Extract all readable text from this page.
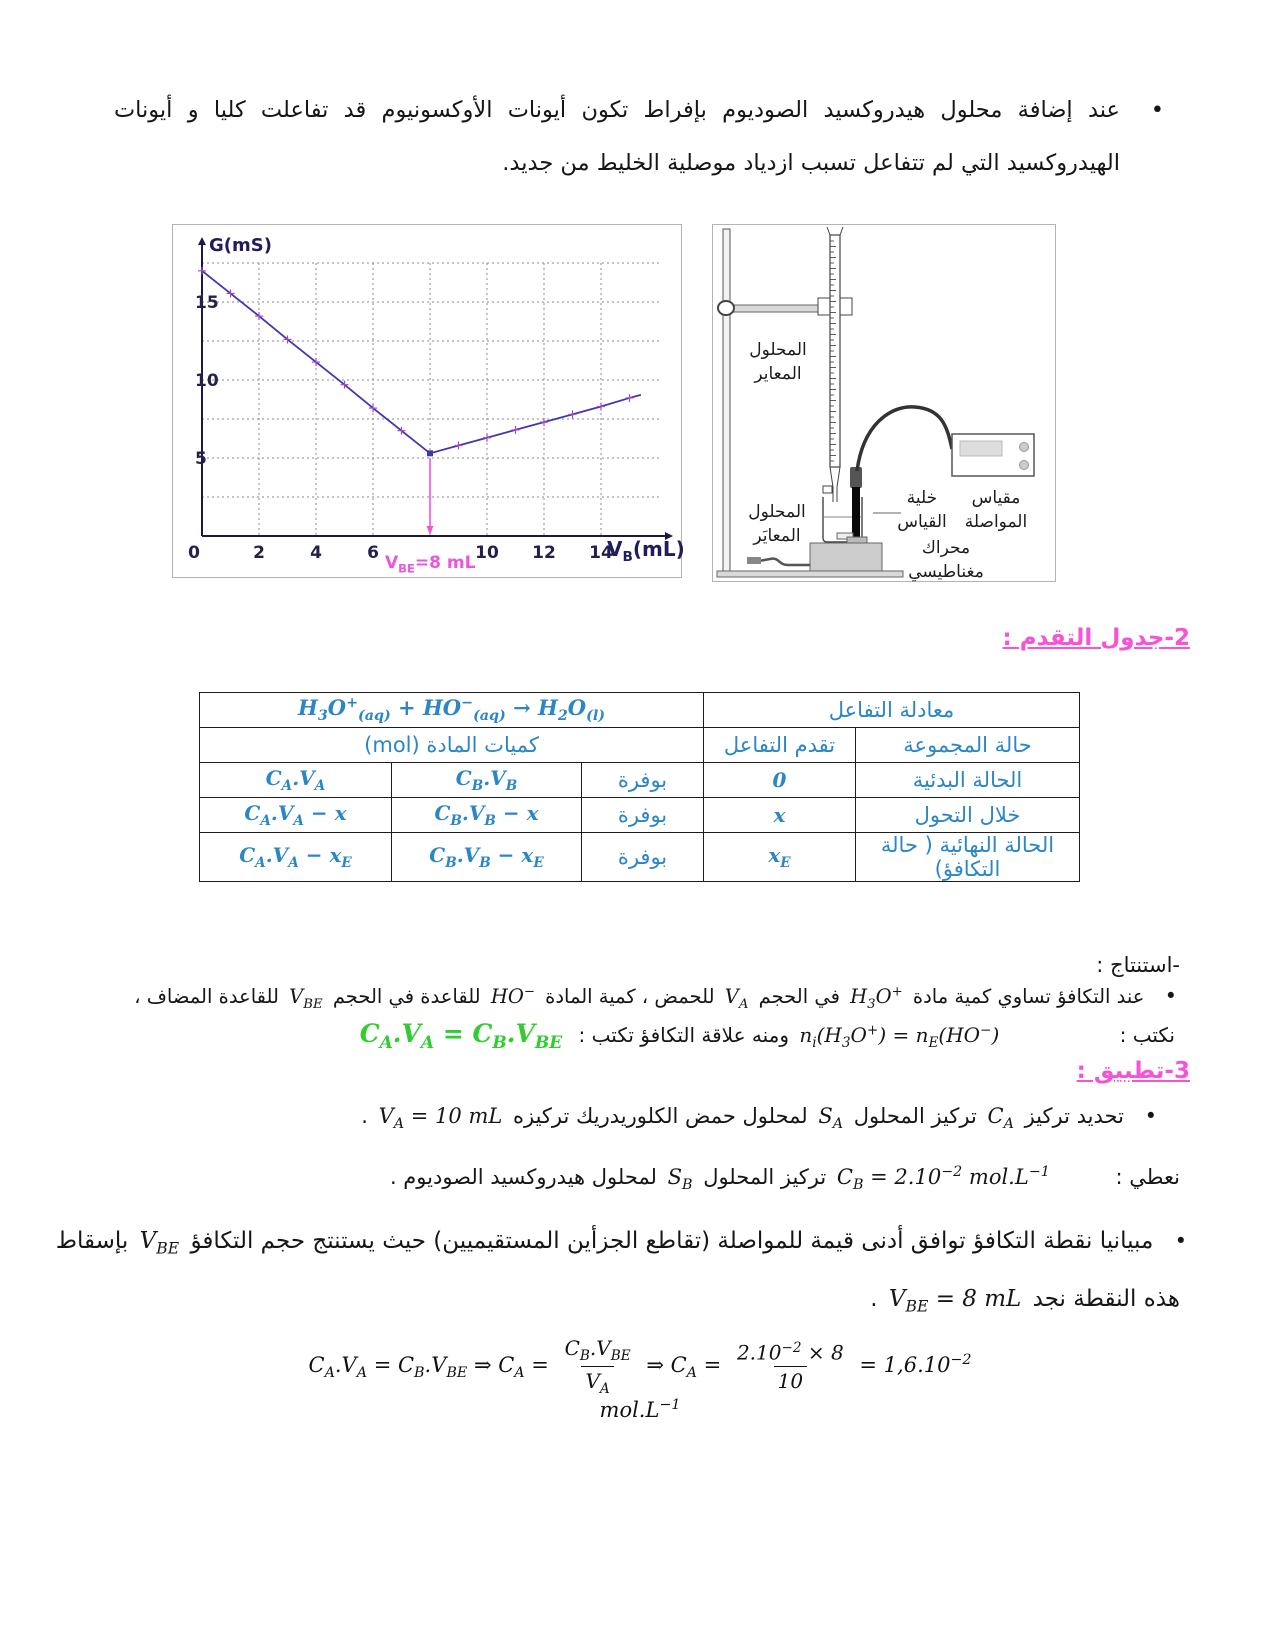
•
عند إضافة محلول هيدروكسيد الصوديوم بإفراط تكون أيونات الأوكسونيوم قد تفاعلت كليا و أيونات الهيدروكسيد التي لم تتفاعل تسبب ازدياد موصلية الخليط من جديد.
0	2	4	6	10 12 14
5
10
15
G(mS)
$V_B(mL)$
$V_{BE}=8$ mL
المحلول
المعاير
المحلول
المعايَر
خلية
القياس
مقياس
المواصلة
محراك
مغناطيسي
2-جدول التقدم :
معادلة التفاعل		$H_3O^+_{(aq)} + HO^-_{(aq)} \to H_2O_{(l)}$
حالة المجموعة	تقدم التفاعل	كميات المادة (mol)		
الحالة البدئية	0	بوفرة	$C_B.V_B$	$C_A.V_A$
خلال التحول	x	بوفرة	$C_B.V_B - x$	$C_A.V_A - x$
الحالة النهائية ( حالة التكافؤ)	$x_E$	بوفرة	$C_B.V_B - x_E$	$C_A.V_A - x_E$
-استنتاج :
• عند التكافؤ تساوي كمية مادة $H_3O^+$ في الحجم $V_A$ للحمض ، كمية المادة HO− للقاعدة في الحجم $V_{BE}$ للقاعدة المضاف ،
نكتب : $n_i(H_3O^+) = n_E(HO^-)$ ومنه علاقة التكافؤ تكتب : $C_A.V_A = C_B.V_{BE}$
3-تطبيق :
• تحديد تركيز $C_A$ تركيز المحلول $S_A$ لمحلول حمض الكلوريدريك تركيزه $V_A = 10$ mL .
نعطي : $C_B = 2.10^{-2}$ $mol.L^{-1}$ تركيز المحلول $S_B$ لمحلول هيدروكسيد الصوديوم .
• مبيانيا نقطة التكافؤ توافق أدنى قيمة للمواصلة (تقاطع الجزأين المستقيميين) حيث يستنتج حجم التكافؤ $V_{BE}$ بإسقاط
هذه النقطة نجد $V_{BE} = 8$ mL .
$C_A.V_A = C_B.V_{BE}$ ⇒ $C_A = \frac{C_B.V_{BE}}{V_A}$ ⇒ $C_A = \frac{2.10^{-2} \times 8}{10} = 1,6.10^{-2}$ $mol.L^{-1}$
